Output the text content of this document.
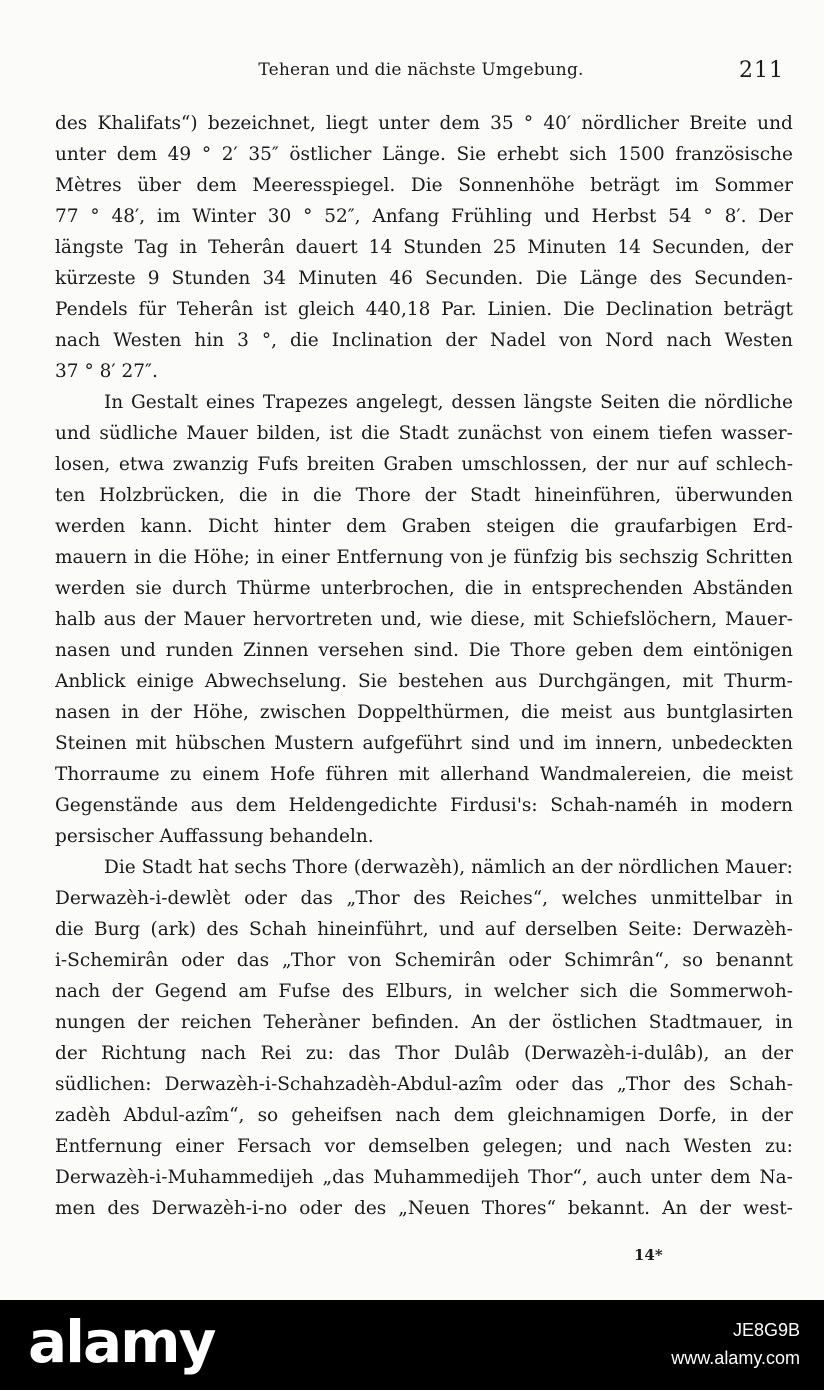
Teheran und die nächste Umgebung.	211
des Khalifats“) bezeichnet, liegt unter dem 35 ° 40′ nördlicher Breite und
unter dem 49 ° 2′ 35″ östlicher Länge. Sie erhebt sich 1500 französische
Mètres über dem Meeresspiegel. Die Sonnenhöhe beträgt im Sommer
77 ° 48′, im Winter 30 ° 52″, Anfang Frühling und Herbst 54 ° 8′. Der
längste Tag in Teherân dauert 14 Stunden 25 Minuten 14 Secunden, der
kürzeste 9 Stunden 34 Minuten 46 Secunden. Die Länge des Secunden-
Pendels für Teherân ist gleich 440,18 Par. Linien. Die Declination beträgt
nach Westen hin 3 °, die Inclination der Nadel von Nord nach Westen
37 ° 8′ 27″.
In Gestalt eines Trapezes angelegt, dessen längste Seiten die nördliche
und südliche Mauer bilden, ist die Stadt zunächst von einem tiefen wasser-
losen, etwa zwanzig Fufs breiten Graben umschlossen, der nur auf schlech-
ten Holzbrücken, die in die Thore der Stadt hineinführen, überwunden
werden kann. Dicht hinter dem Graben steigen die graufarbigen Erd-
mauern in die Höhe; in einer Entfernung von je fünfzig bis sechszig Schritten
werden sie durch Thürme unterbrochen, die in entsprechenden Abständen
halb aus der Mauer hervortreten und, wie diese, mit Schiefslöchern, Mauer-
nasen und runden Zinnen versehen sind. Die Thore geben dem eintönigen
Anblick einige Abwechselung. Sie bestehen aus Durchgängen, mit Thurm-
nasen in der Höhe, zwischen Doppelthürmen, die meist aus buntglasirten
Steinen mit hübschen Mustern aufgeführt sind und im innern, unbedeckten
Thorraume zu einem Hofe führen mit allerhand Wandmalereien, die meist
Gegenstände aus dem Heldengedichte Firdusi's: Schah-naméh in modern
persischer Auffassung behandeln.
Die Stadt hat sechs Thore (derwazèh), nämlich an der nördlichen Mauer:
Derwazèh-i-dewlèt oder das „Thor des Reiches“, welches unmittelbar in
die Burg (ark) des Schah hineinführt, und auf derselben Seite: Derwazèh-
i-Schemirân oder das „Thor von Schemirân oder Schimrân“, so benannt
nach der Gegend am Fufse des Elburs, in welcher sich die Sommerwoh-
nungen der reichen Teheràner befinden. An der östlichen Stadtmauer, in
der Richtung nach Rei zu: das Thor Dulâb (Derwazèh-i-dulâb), an der
südlichen: Derwazèh-i-Schahzadèh-Abdul-azîm oder das „Thor des Schah-
zadèh Abdul-azîm“, so geheifsen nach dem gleichnamigen Dorfe, in der
Entfernung einer Fersach vor demselben gelegen; und nach Westen zu:
Derwazèh-i-Muhammedijeh „das Muhammedijeh Thor“, auch unter dem Na-
men des Derwazèh-i-no oder des „Neuen Thores“ bekannt. An der west-
14*
alamy	JE8G9B
www.alamy.com
